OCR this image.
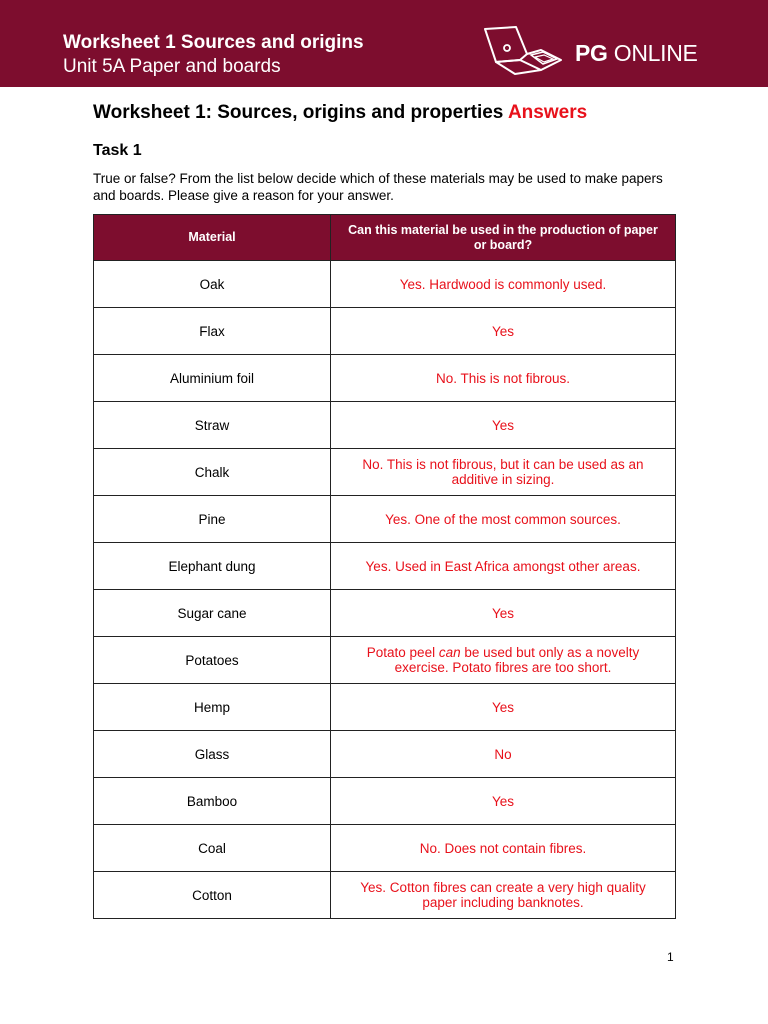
Worksheet 1 Sources and origins
Unit 5A Paper and boards
PG ONLINE
Worksheet 1: Sources, origins and properties Answers
Task 1
True or false? From the list below decide which of these materials may be used to make papers and boards. Please give a reason for your answer.
Material	Can this material be used in the production of paper or board?
Oak	Yes. Hardwood is commonly used.
Flax	Yes
Aluminium foil	No. This is not fibrous.
Straw	Yes
Chalk	No. This is not fibrous, but it can be used as an additive in sizing.
Pine	Yes. One of the most common sources.
Elephant dung	Yes. Used in East Africa amongst other areas.
Sugar cane	Yes
Potatoes	Potato peel can be used but only as a novelty exercise. Potato fibres are too short.
Hemp	Yes
Glass	No
Bamboo	Yes
Coal	No. Does not contain fibres.
Cotton	Yes. Cotton fibres can create a very high quality paper including banknotes.
1
